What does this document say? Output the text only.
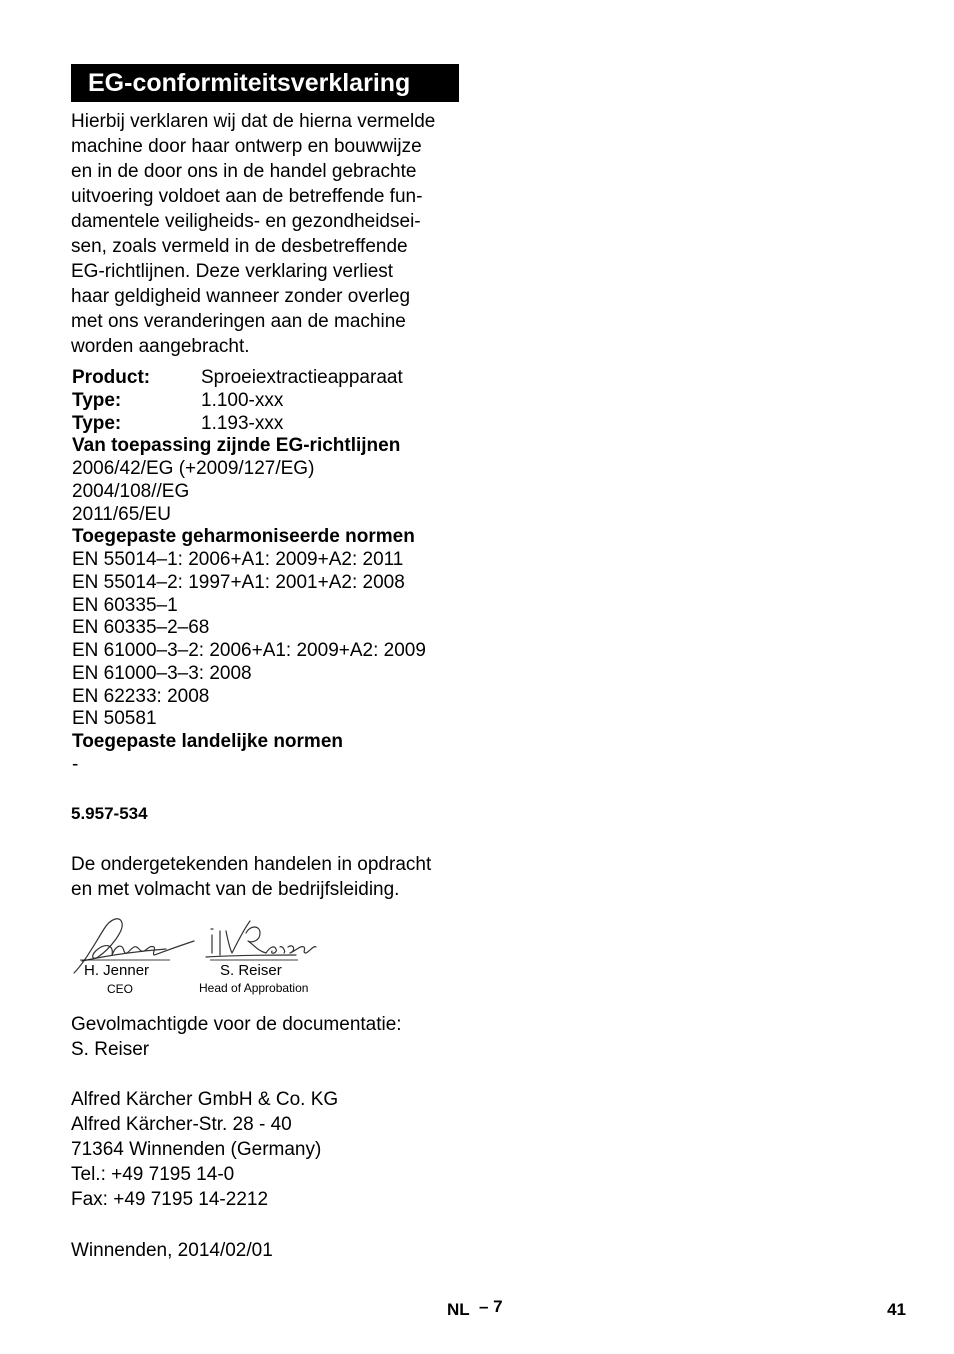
EG-conformiteitsverklaring
Hierbij verklaren wij dat de hierna vermelde
machine door haar ontwerp en bouwwijze
en in de door ons in de handel gebrachte
uitvoering voldoet aan de betreffende fun-
damentele veiligheids- en gezondheidsei-
sen, zoals vermeld in de desbetreffende
EG-richtlijnen. Deze verklaring verliest
haar geldigheid wanneer zonder overleg
met ons veranderingen aan de machine
worden aangebracht.
Product:	Sproeiextractieapparaat
Type:	1.100-xxx
Type:	1.193-xxx
Van toepassing zijnde EG-richtlijnen
2006/42/EG (+2009/127/EG)
2004/108//EG
2011/65/EU
Toegepaste geharmoniseerde normen
EN 55014–1: 2006+A1: 2009+A2: 2011
EN 55014–2: 1997+A1: 2001+A2: 2008
EN 60335–1
EN 60335–2–68
EN 61000–3–2: 2006+A1: 2009+A2: 2009
EN 61000–3–3: 2008
EN 62233: 2008
EN 50581
Toegepaste landelijke normen
-
5.957-534
De ondergetekenden handelen in opdracht
en met volmacht van de bedrijfsleiding.
H. Jenner
CEO
S. Reiser
Head of Approbation
Gevolmachtigde voor de documentatie:
S. Reiser
Alfred Kärcher GmbH & Co. KG
Alfred Kärcher-Str. 28 - 40
71364 Winnenden (Germany)
Tel.: +49 7195 14-0
Fax: +49 7195 14-2212
Winnenden, 2014/02/01
NL – 7	41
